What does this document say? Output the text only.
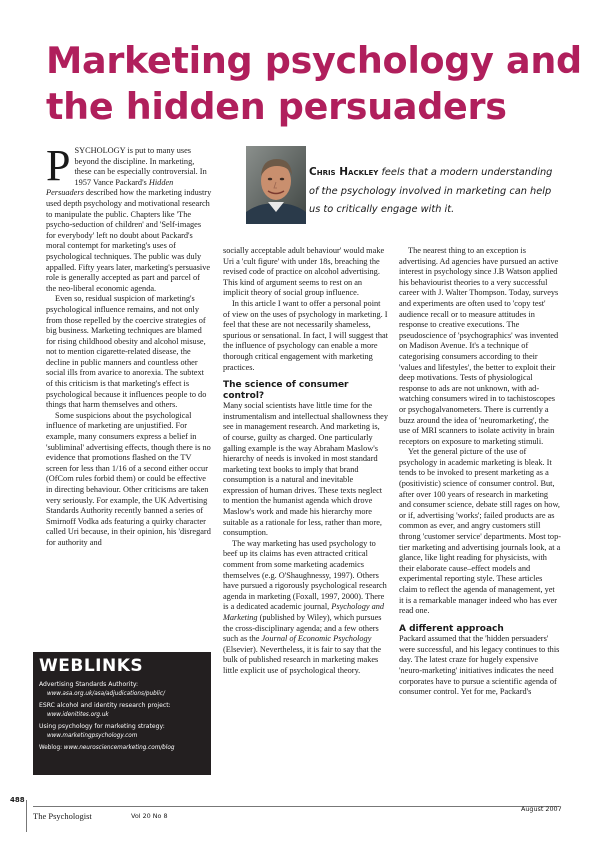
Marketing psychology and
the hidden persuaders

Chris Hackley feels that a modern understanding of the psychology involved in marketing can help us to critically engage with it.

PSYCHOLOGY is put to many uses beyond the discipline. In marketing, these can be especially controversial. In 1957 Vance Packard's Hidden Persuaders described how the marketing industry used depth psychology and motivational research to manipulate the public. Chapters like 'The psycho-seduction of children' and 'Self-images for everybody' left no doubt about Packard's moral contempt for marketing's uses of psychological techniques. The public was duly appalled. Fifty years later, marketing's persuasive role is generally accepted as part and parcel of the neo-liberal economic agenda.

Even so, residual suspicion of marketing's psychological influence remains, and not only from those repelled by the coercive strategies of big business. Marketing techniques are blamed for rising childhood obesity and alcohol misuse, not to mention cigarette-related disease, the decline in public manners and countless other social ills from avarice to anorexia. The subtext of this criticism is that marketing's effect is psychological because it influences people to do things that harm themselves and others.

Some suspicions about the psychological influence of marketing are unjustified. For example, many consumers express a belief in 'subliminal' advertising effects, though there is no evidence that promotions flashed on the TV screen for less than 1/16 of a second either occur (OfCom rules forbid them) or could be effective in directing behaviour. Other criticisms are taken very seriously. For example, the UK Advertising Standards Authority recently banned a series of Smirnoff Vodka ads featuring a quirky character called Uri because, in their opinion, his 'disregard for authority and

socially acceptable adult behaviour' would make Uri a 'cult figure' with under 18s, breaching the revised code of practice on alcohol advertising. This kind of argument seems to rest on an implicit theory of social group influence.

In this article I want to offer a personal point of view on the uses of psychology in marketing. I feel that these are not necessarily shameless, spurious or sensational. In fact, I will suggest that the influence of psychology can enable a more thorough critical engagement with marketing practices.

The science of consumer control?

Many social scientists have little time for the instrumentalism and intellectual shallowness they see in management research. And marketing is, of course, guilty as charged. One particularly galling example is the way Abraham Maslow's hierarchy of needs is invoked in most standard marketing text books to imply that brand consumption is a natural and inevitable expression of human drives. These texts neglect to mention the humanist agenda which drove Maslow's work and made his hierarchy more suitable as a rationale for less, rather than more, consumption.

The way marketing has used psychology to beef up its claims has even attracted critical comment from some marketing academics themselves (e.g. O'Shaughnessy, 1997). Others have pursued a rigorously psychological research agenda in marketing (Foxall, 1997, 2000). There is a dedicated academic journal, Psychology and Marketing (published by Wiley), which pursues the cross-disciplinary agenda; and a few others such as the Journal of Economic Psychology (Elsevier). Nevertheless, it is fair to say that the bulk of published research in marketing makes little explicit use of psychological theory.

The nearest thing to an exception is advertising. Ad agencies have pursued an active interest in psychology since J.B Watson applied his behaviourist theories to a very successful career with J. Walter Thompson. Today, surveys and experiments are often used to 'copy test' audience recall or to measure attitudes in response to creative executions. The pseudoscience of 'psychographics' was invented on Madison Avenue. It's a technique of categorising consumers according to their 'values and lifestyles', the better to exploit their deep motivations. Tests of physiological response to ads are not unknown, with ad-watching consumers wired in to tachistoscopes or psychogalvanometers. There is currently a buzz around the idea of 'neuromarketing', the use of MRI scanners to isolate activity in brain receptors on exposure to marketing stimuli.

Yet the general picture of the use of psychology in academic marketing is bleak. It tends to be invoked to present marketing as a (positivistic) science of consumer control. But, after over 100 years of research in marketing and consumer science, debate still rages on how, or if, advertising 'works'; failed products are as common as ever, and angry customers still throng 'customer service' departments. Most top-tier marketing and advertising journals look, at a glance, like light reading for physicists, with their elaborate cause–effect models and experimental reporting style. These articles claim to reflect the agenda of management, yet it is a remarkable manager indeed who has ever read one.

A different approach

Packard assumed that the 'hidden persuaders' were successful, and his legacy continues to this day. The latest craze for hugely expensive 'neuro-marketing' initiatives indicates the need corporates have to pursue a scientific agenda of consumer control. Yet for me, Packard's

WEBLINKS
Advertising Standards Authority:
www.asa.org.uk/asa/adjudications/public/
ESRC alcohol and identity research project:
www.idenitites.org.uk
Using psychology for marketing strategy:
www.marketingpsychology.com
Weblog: www.neurosciencemarketing.com/blog
488
The Psychologist	Vol 20 No 8
August 2007
